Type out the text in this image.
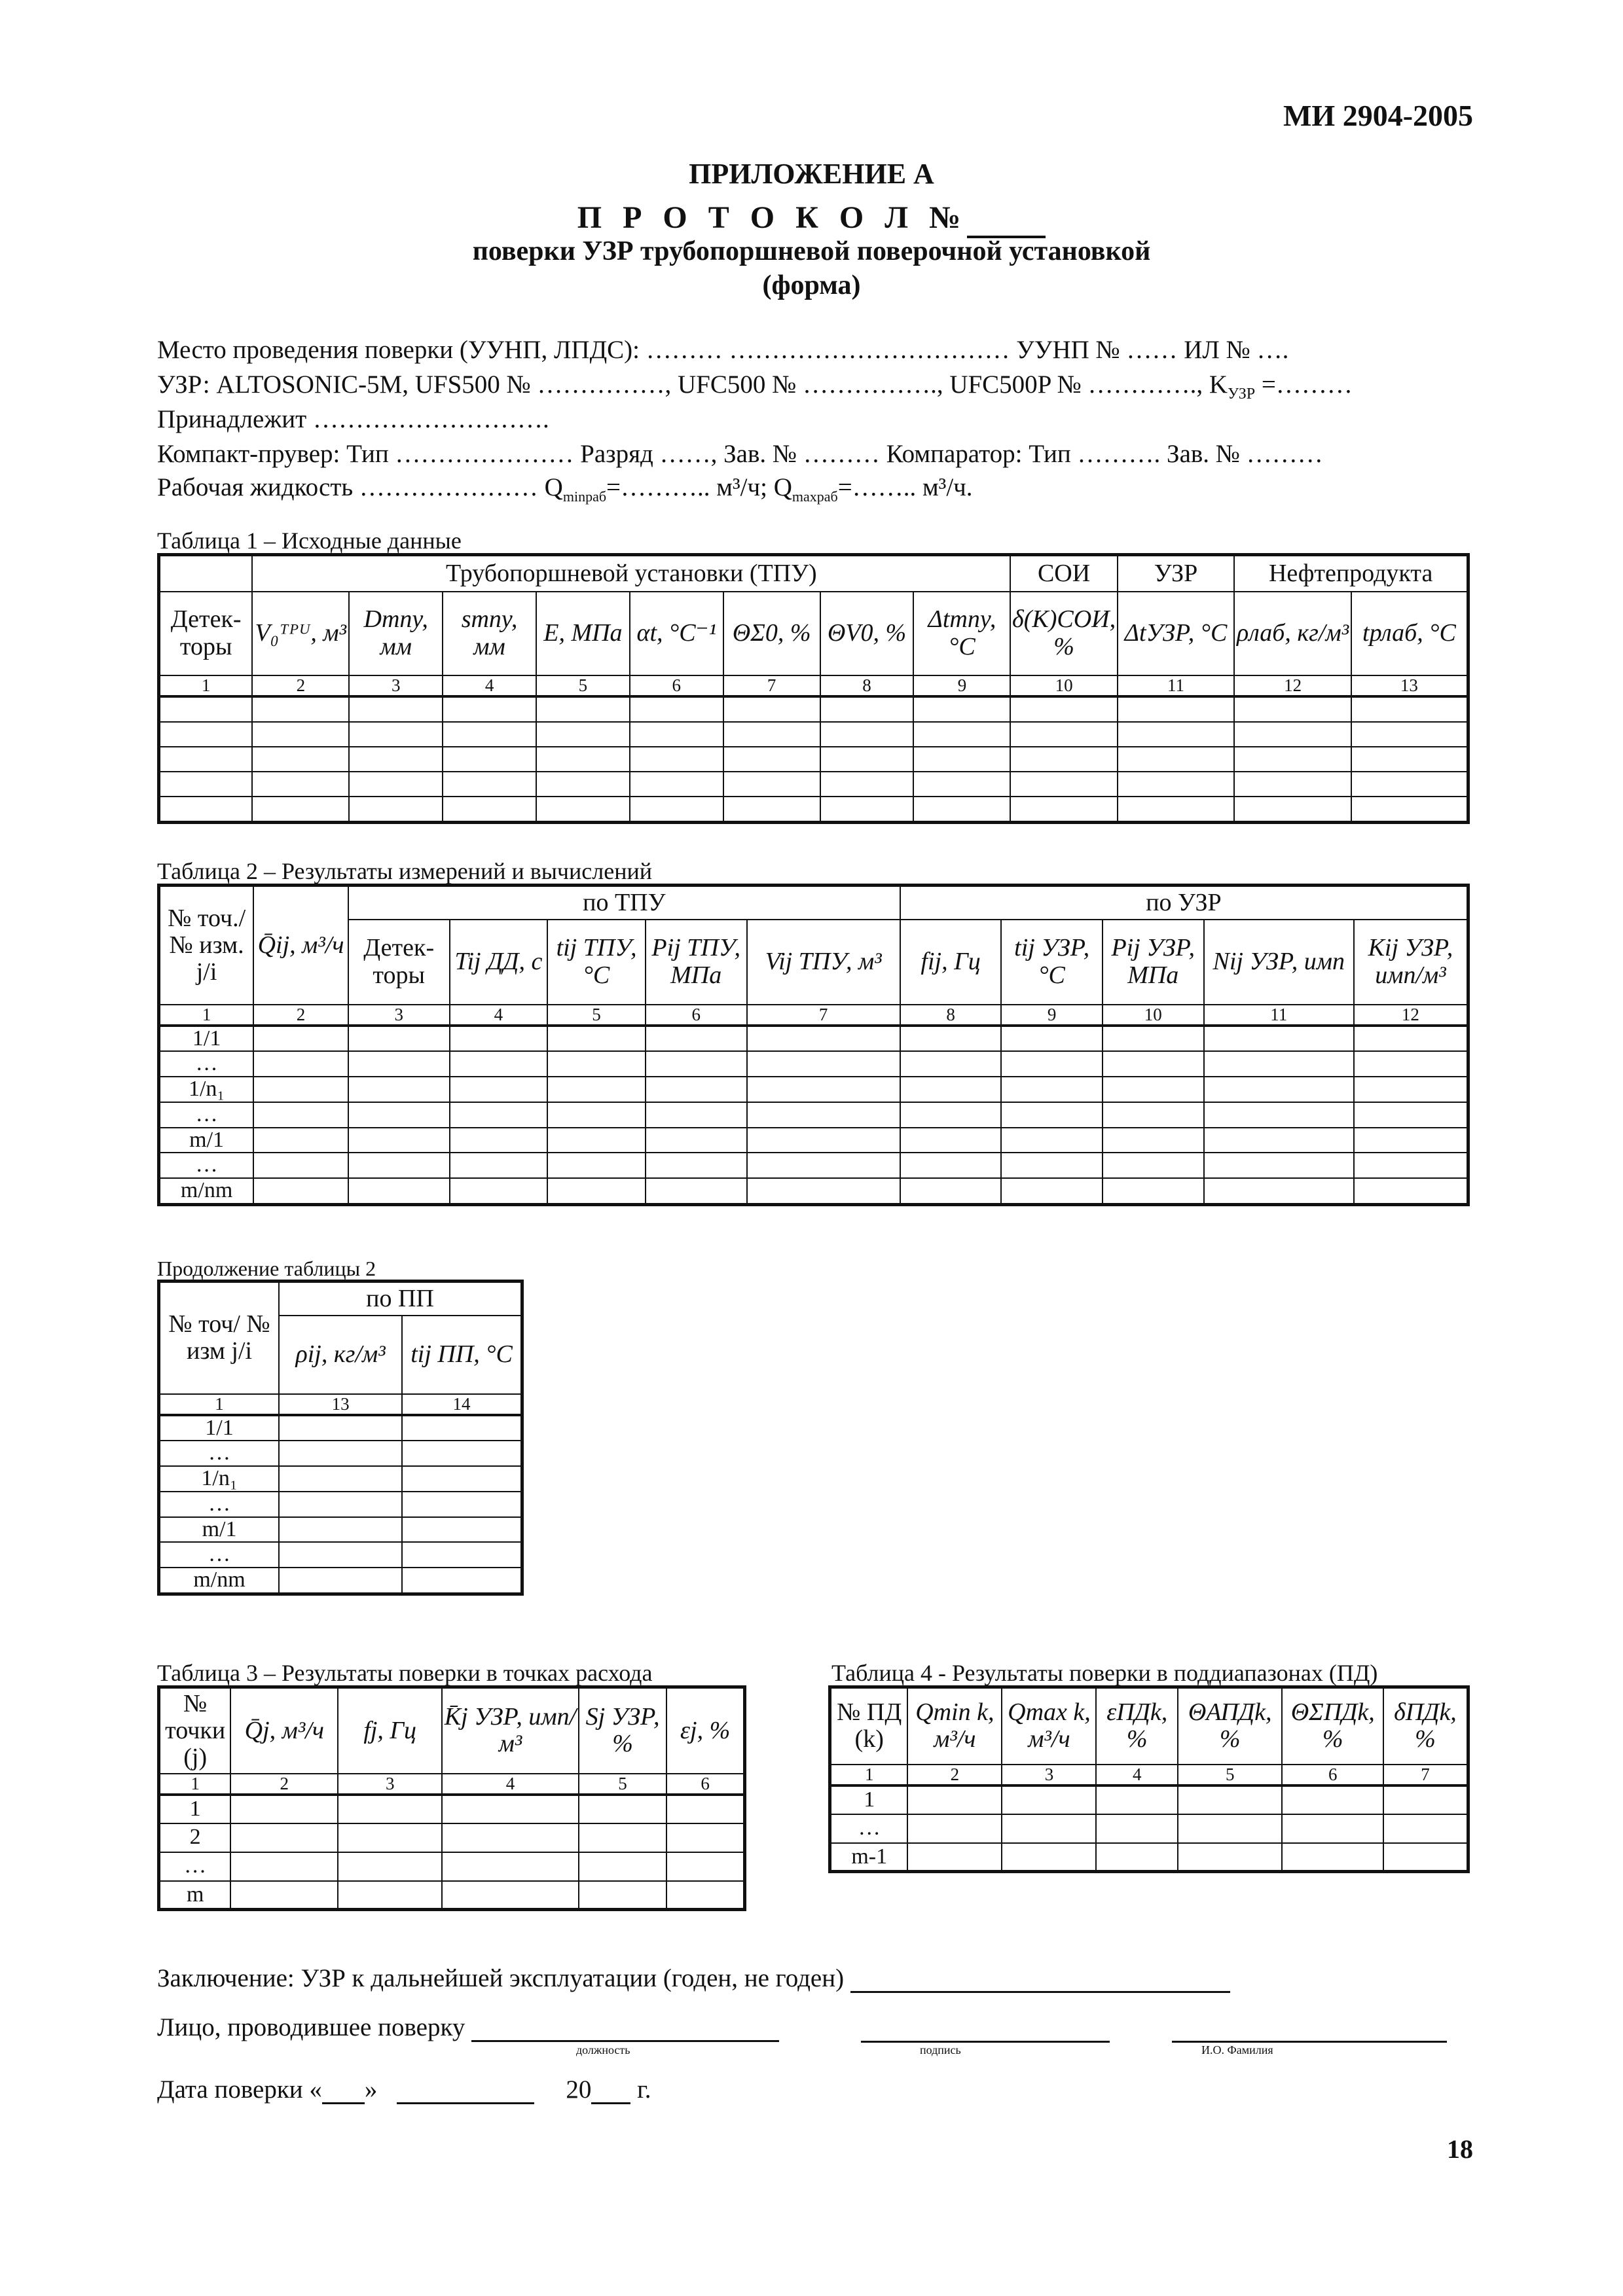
МИ 2904-2005
ПРИЛОЖЕНИЕ А
П Р О Т О К О Л №
поверки УЗР трубопоршневой поверочной установкой
(форма)
Место проведения поверки (УУНП, ЛПДС): ……… …………………………… УУНП № …… ИЛ № ….
УЗР: ALTOSONIC-5M, UFS500 № ……………, UFC500 № ……………., UFC500P № …………., $K_{УЗР}$ =………
Принадлежит ……………………….
Компакт-прувер: Тип ………………… Разряд ……, Зав. № ……… Компаратор: Тип ………. Зав. № ………
Рабочая жидкость ………………… $Q_{minраб}=\dots\dots\dots$.. м³/ч; $Q_{maxраб}=\dots\dots$.. м³/ч.
Таблица 1 – Исходные данные
	Трубопоршневой установки (ТПУ)								СОИ	УЗР	Нефтепродукта	
Детек-торы	V₀ᵀᴾᵁ, м³	Dтпу, мм	sтпу, мм	E, МПа	αt, °C⁻¹	ΘΣ0, %	ΘV0, %	Δtтпу, °C	δ(K)СОИ, %	ΔtУЗР, °C	ρлаб, кг/м³	tрлаб, °C
1	2	3	4	5	6	7	8	9	10	11	12	13

Таблица 2 – Результаты измерений и вычислений
№ точ./ № изм. j/i	Q̄ij, м³/ч	по ТПУ					по УЗР				
		Детек-торы	Tij ДД, с	tij ТПУ, °C	Pij ТПУ, МПа	Vij ТПУ, м³	fij, Гц	tij УЗР, °C	Pij УЗР, МПа	Nij УЗР, имп	Kij УЗР, имп/м³
1	2	3	4	5	6	7	8	9	10	11	12
1/1											
…											
1/n₁											
…											
m/1											
…											
m/nm											
Продолжение таблицы 2
№ точ/ № изм j/i	по ПП	
	ρij, кг/м³	tij ПП, °C
1	13	14
1/1		
…		
1/n₁		
…		
m/1		
…		
m/nm		
Таблица 3 – Результаты поверки в точках расхода
№ точки (j)	Q̄j, м³/ч	fj, Гц	K̄j УЗР, имп/м³	Sj УЗР, %	εj, %
1	2	3	4	5	6
1					
2					
…					
m					
Таблица 4 - Результаты поверки в поддиапазонах (ПД)
№ ПД (k)	Qmin k, м³/ч	Qmax k, м³/ч	εПДk, %	ΘАПДk, %	ΘΣПДk, %	δПДk, %
1	2	3	4	5	6	7
1						
…						
m-1						
Заключение: УЗР к дальнейшей эксплуатации (годен, не годен)
Лицо, проводившее поверку
должность	подпись	И.О. Фамилия
Дата поверки « »	20 г.
18
